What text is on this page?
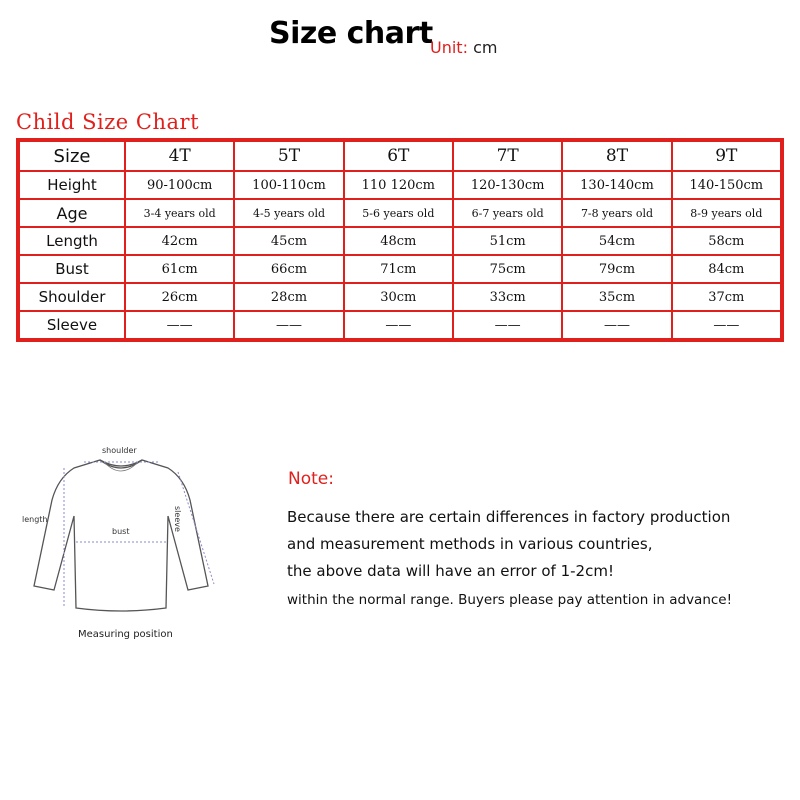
Size chart
Unit: cm
Child Size Chart
Size	4T	5T	6T	7T	8T	9T
Height	90-100cm	100-110cm	110 120cm	120-130cm	130-140cm	140-150cm
Age	3-4 years old	4-5 years old	5-6 years old	6-7 years old	7-8 years old	8-9 years old
Length	42cm	45cm	48cm	51cm	54cm	58cm
Bust	61cm	66cm	71cm	75cm	79cm	84cm
Shoulder	26cm	28cm	30cm	33cm	35cm	37cm
Sleeve	——	——	——	——	——	——
shoulder
length
bust	sleeve
Measuring position
Note:
Because there are certain differences in factory production
and measurement methods in various countries,
the above data will have an error of 1-2cm!
within the normal range. Buyers please pay attention in advance!
